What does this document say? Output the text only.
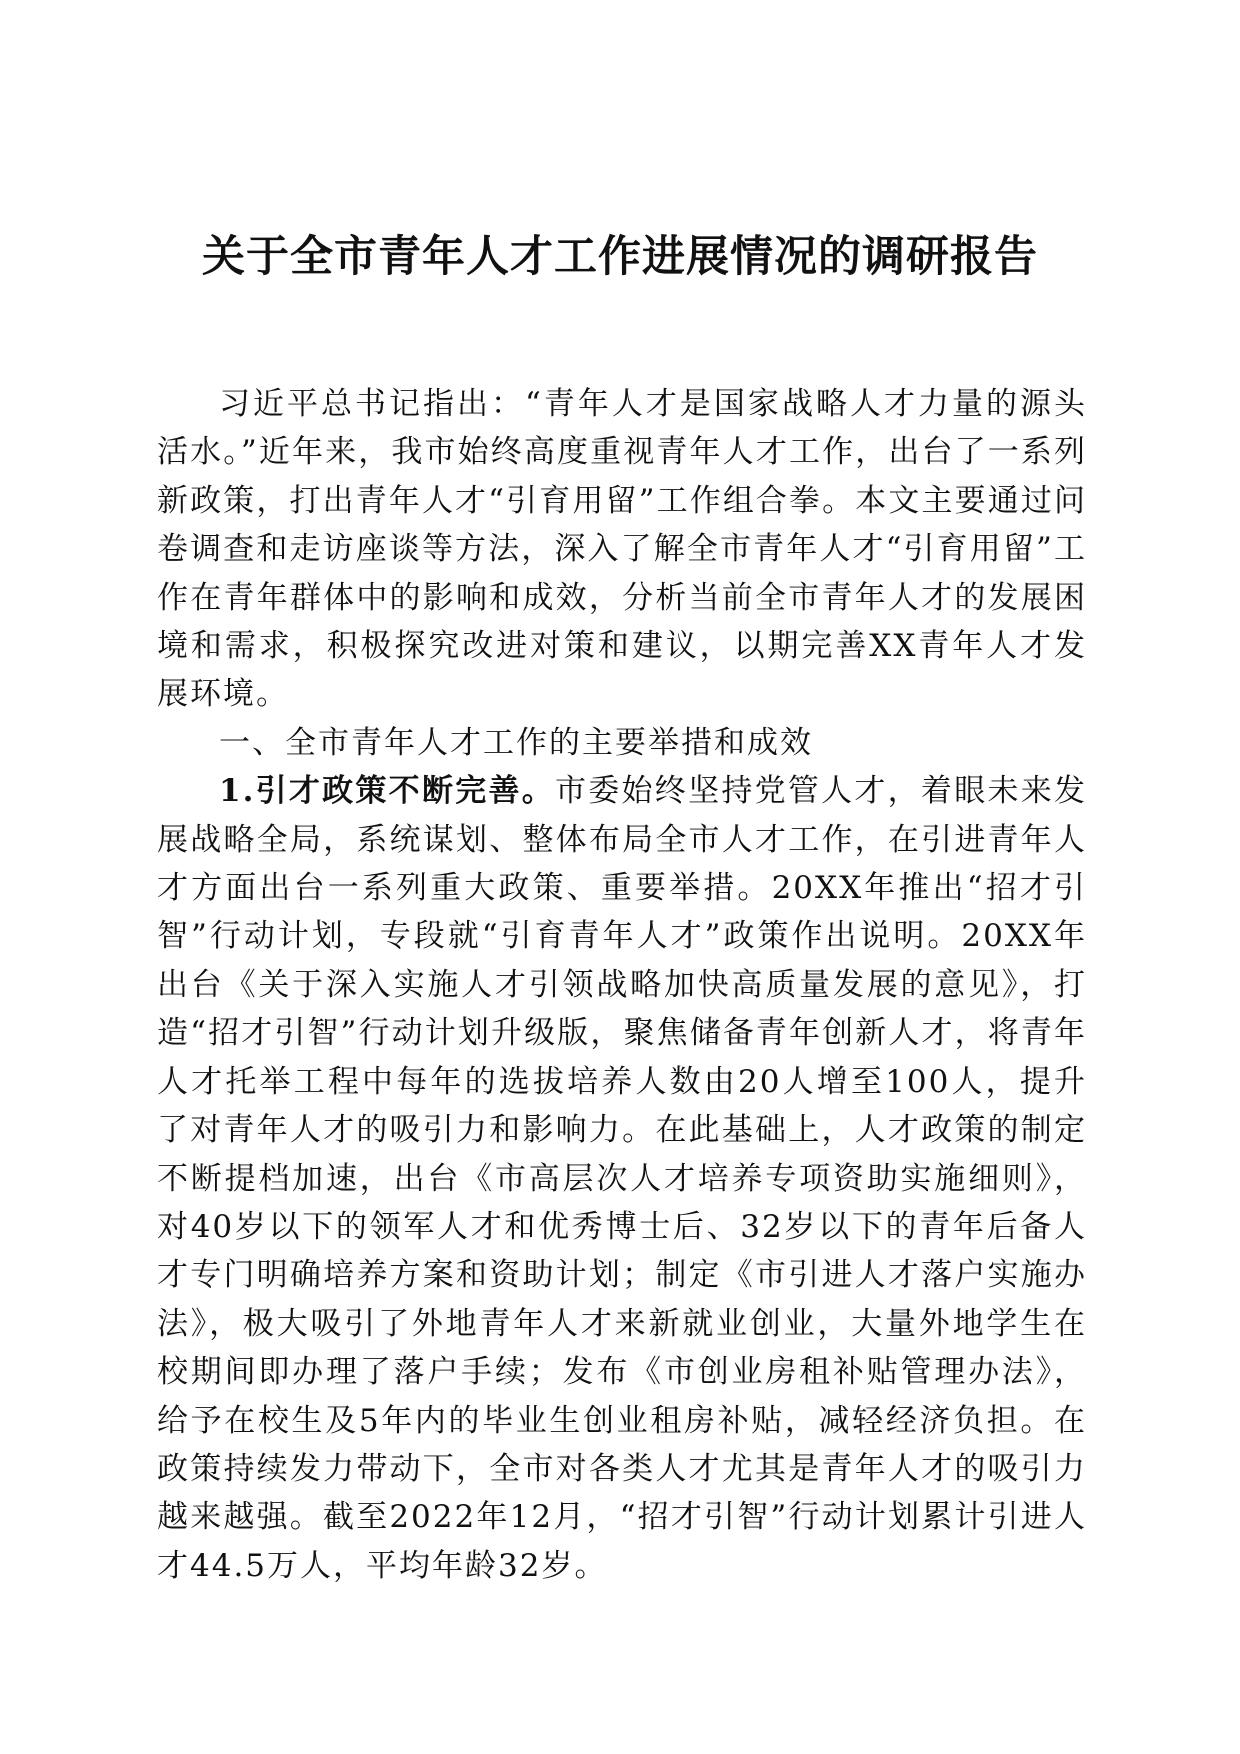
关于全市青年人才工作进展情况的调研报告

习近平总书记指出：“青年人才是国家战略人才力量的源头活水。”近年来，我市始终高度重视青年人才工作，出台了一系列新政策，打出青年人才“引育用留”工作组合拳。本文主要通过问卷调查和走访座谈等方法，深入了解全市青年人才“引育用留”工作在青年群体中的影响和成效，分析当前全市青年人才的发展困境和需求，积极探究改进对策和建议，以期完善XX青年人才发展环境。

一、全市青年人才工作的主要举措和成效

1.引才政策不断完善。市委始终坚持党管人才，着眼未来发展战略全局，系统谋划、整体布局全市人才工作，在引进青年人才方面出台一系列重大政策、重要举措。20XX年推出“招才引智”行动计划，专段就“引育青年人才”政策作出说明。20XX年出台《关于深入实施人才引领战略加快高质量发展的意见》，打造“招才引智”行动计划升级版，聚焦储备青年创新人才，将青年人才托举工程中每年的选拔培养人数由20人增至100人，提升了对青年人才的吸引力和影响力。在此基础上，人才政策的制定不断提档加速，出台《市高层次人才培养专项资助实施细则》，对40岁以下的领军人才和优秀博士后、32岁以下的青年后备人才专门明确培养方案和资助计划；制定《市引进人才落户实施办法》，极大吸引了外地青年人才来新就业创业，大量外地学生在校期间即办理了落户手续；发布《市创业房租补贴管理办法》，给予在校生及5年内的毕业生创业租房补贴，减轻经济负担。在政策持续发力带动下，全市对各类人才尤其是青年人才的吸引力越来越强。截至2022年12月，“招才引智”行动计划累计引进人才44.5万人，平均年龄32岁。
